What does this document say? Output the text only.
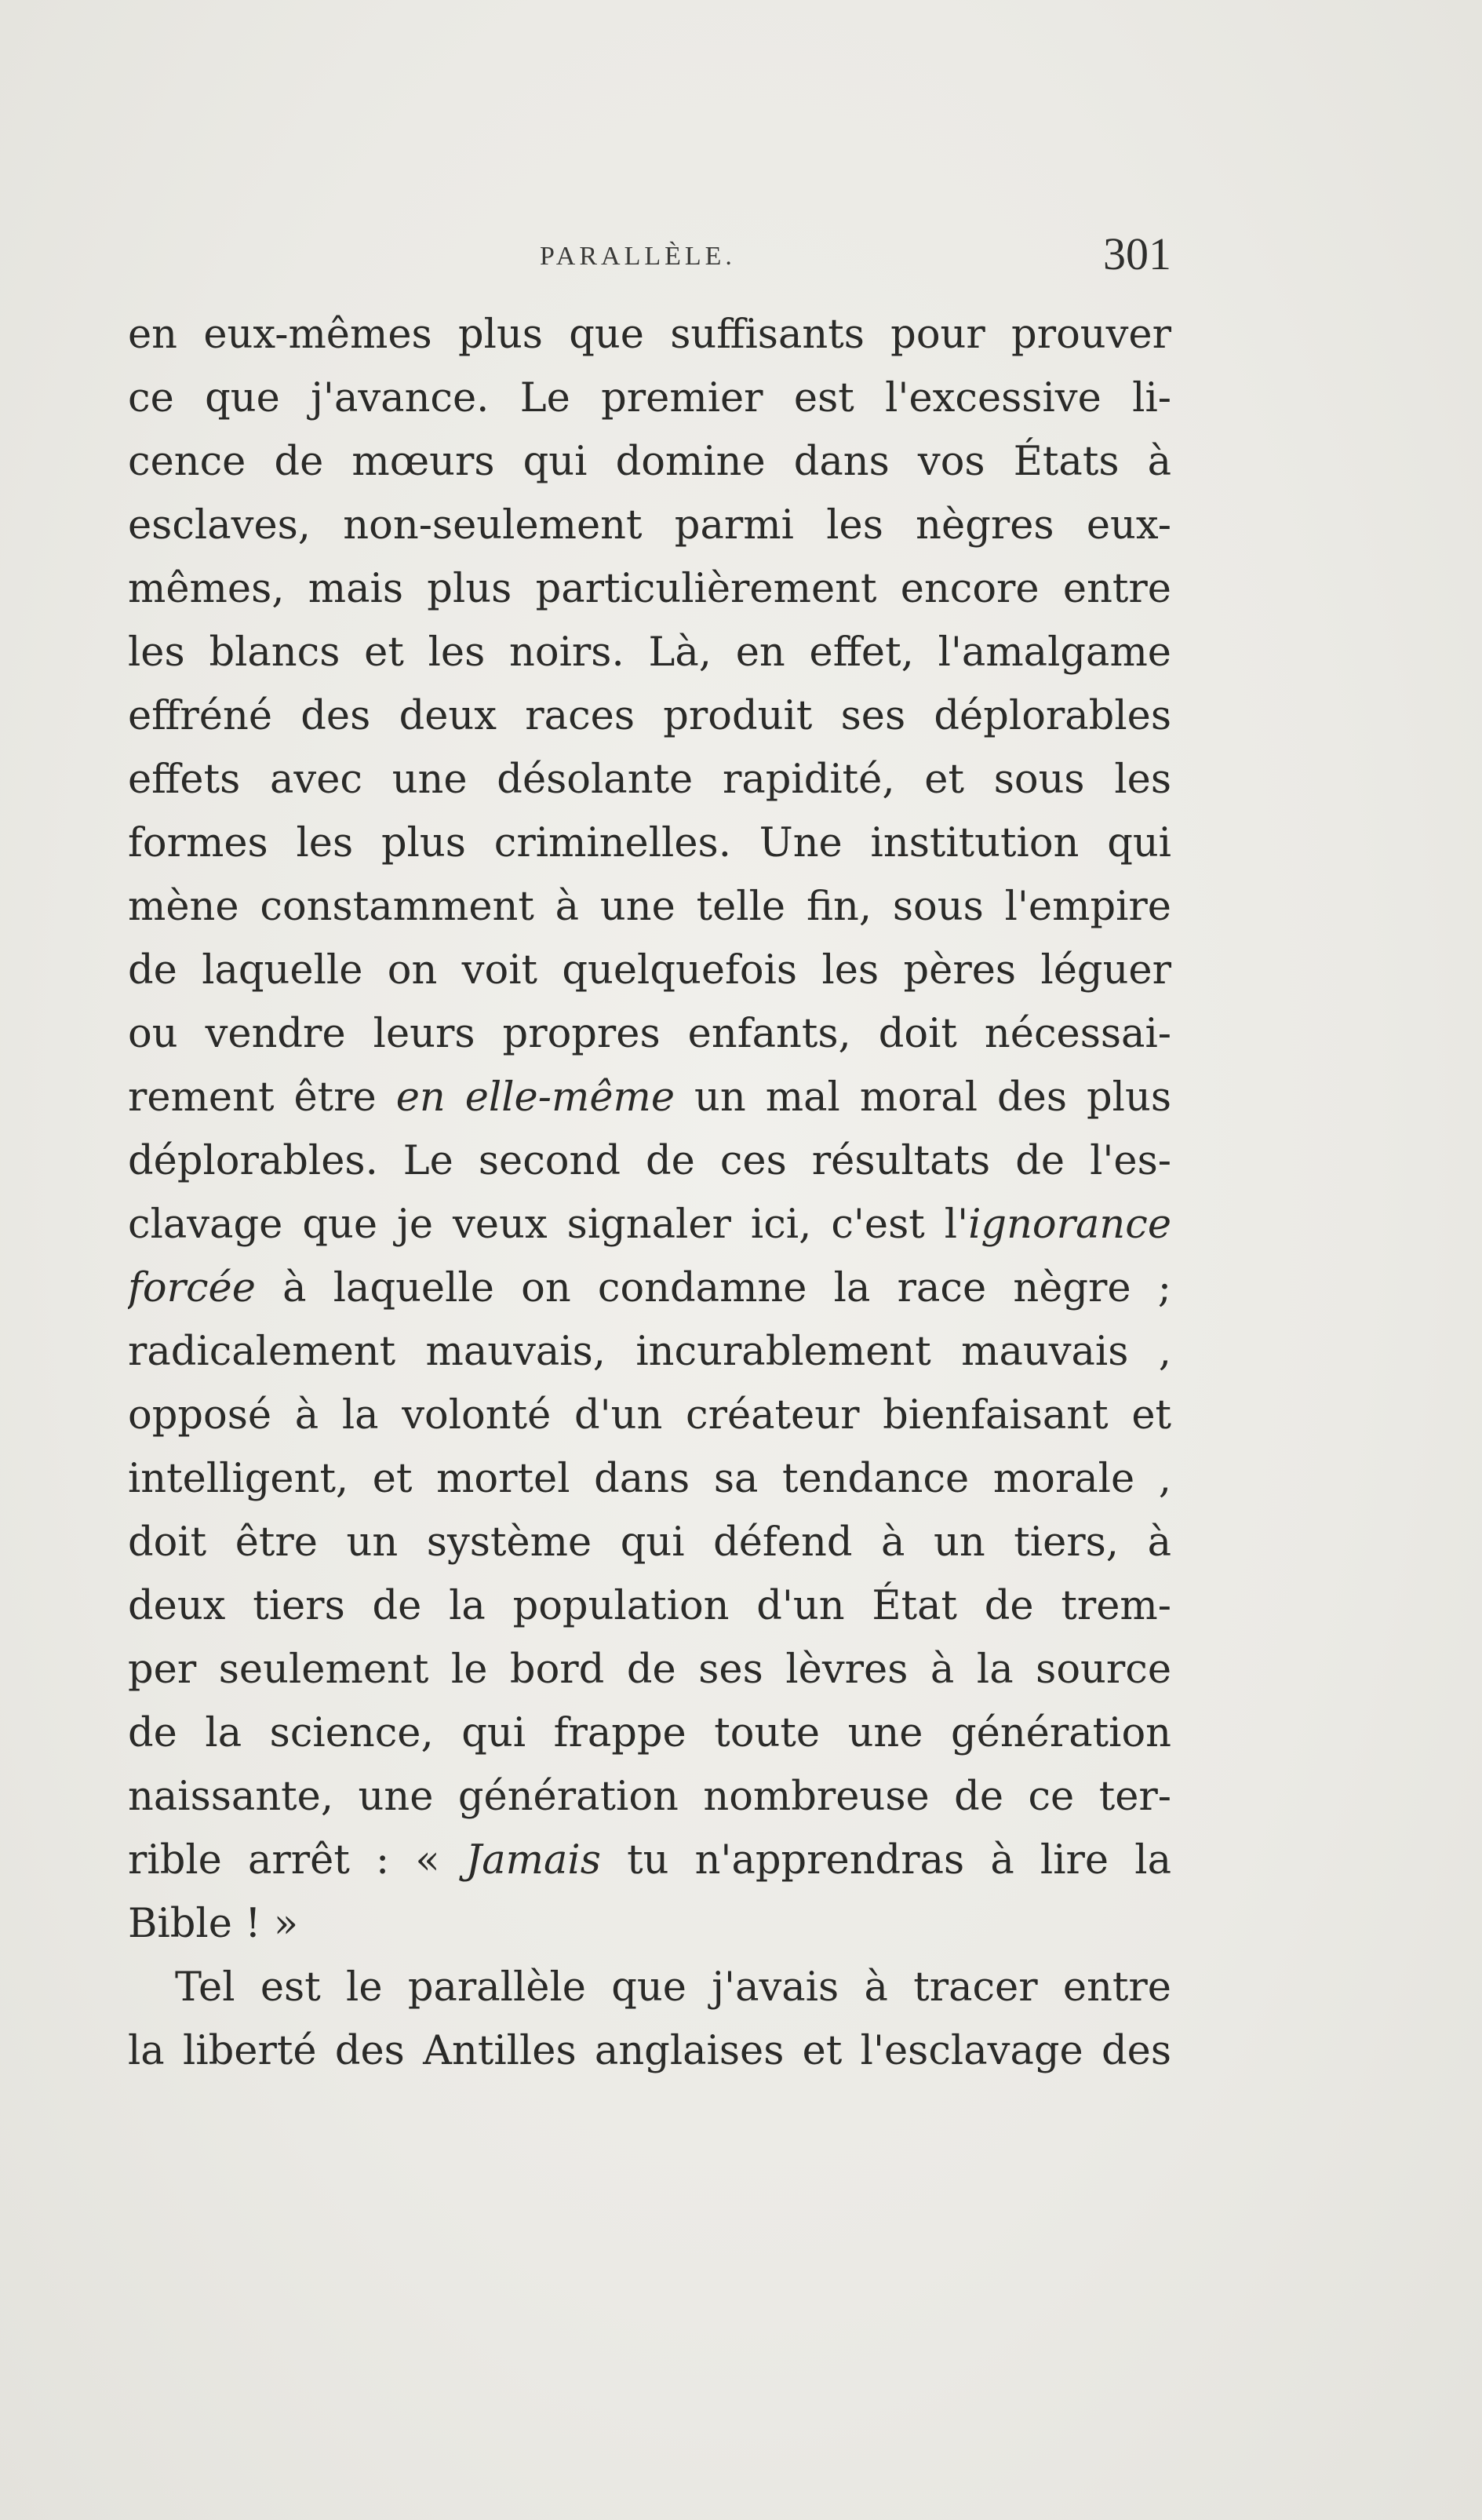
PARALLÈLE.	301
en eux-mêmes plus que suffisants pour prouver
ce que j'avance. Le premier est l'excessive li-
cence de mœurs qui domine dans vos États à
esclaves, non-seulement parmi les nègres eux-
mêmes, mais plus particulièrement encore entre
les blancs et les noirs. Là, en effet, l'amalgame
effréné des deux races produit ses déplorables
effets avec une désolante rapidité, et sous les
formes les plus criminelles. Une institution qui
mène constamment à une telle fin, sous l'empire
de laquelle on voit quelquefois les pères léguer
ou vendre leurs propres enfants, doit nécessai-
rement être en elle-même un mal moral des plus
déplorables. Le second de ces résultats de l'es-
clavage que je veux signaler ici, c'est l'ignorance
forcée à laquelle on condamne la race nègre ;
radicalement mauvais, incurablement mauvais ,
opposé à la volonté d'un créateur bienfaisant et
intelligent, et mortel dans sa tendance morale ,
doit être un système qui défend à un tiers, à
deux tiers de la population d'un État de trem-
per seulement le bord de ses lèvres à la source
de la science, qui frappe toute une génération
naissante, une génération nombreuse de ce ter-
rible arrêt : « Jamais tu n'apprendras à lire la
Bible ! »
Tel est le parallèle que j'avais à tracer entre
la liberté des Antilles anglaises et l'esclavage des
